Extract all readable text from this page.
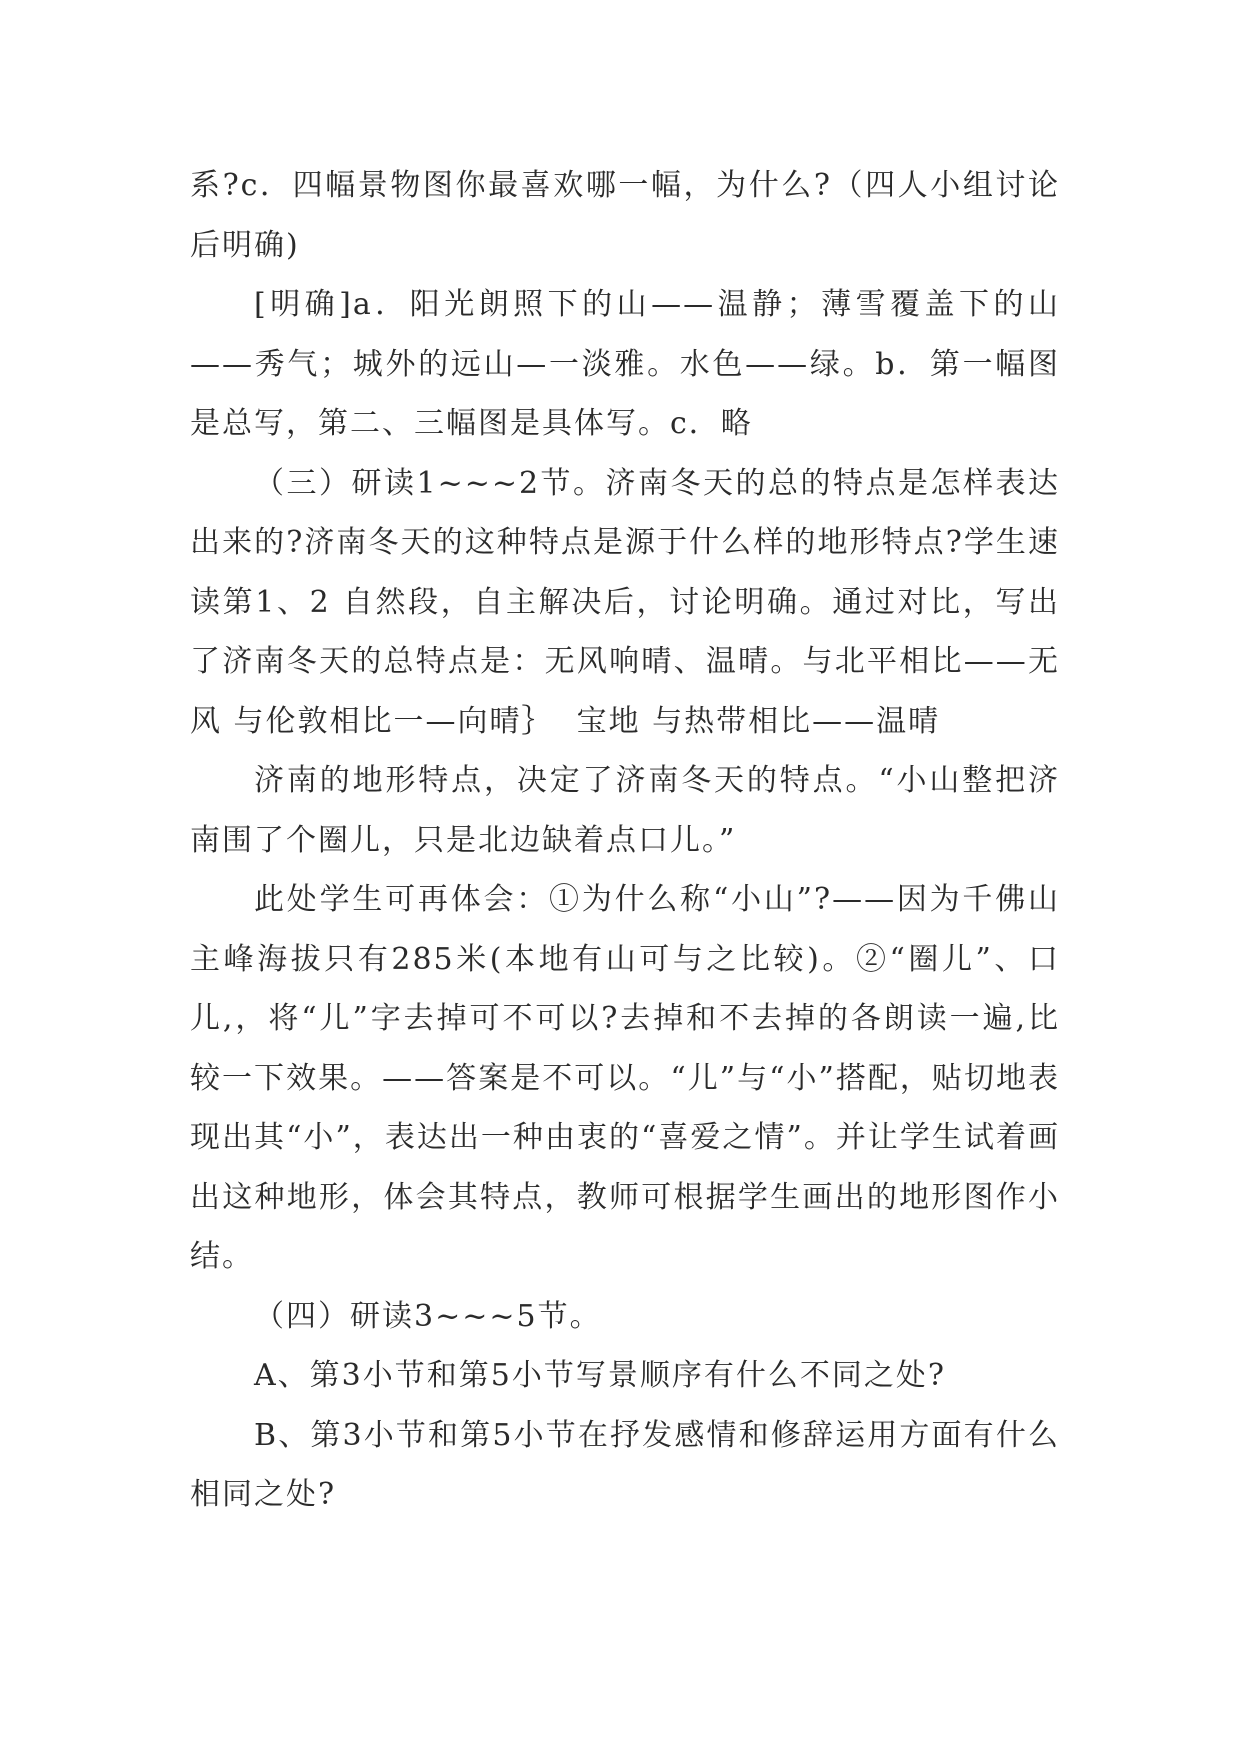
系?c．四幅景物图你最喜欢哪一幅，为什么?（四人小组讨论后明确)

[明确]a．阳光朗照下的山——温静；薄雪覆盖下的山——秀气；城外的远山—一淡雅。水色——绿。b．第一幅图是总写，第二、三幅图是具体写。c．略

（三）研读1~~~2节。济南冬天的总的特点是怎样表达出来的?济南冬天的这种特点是源于什么样的地形特点?学生速读第1、2 自然段，自主解决后，讨论明确。通过对比，写出了济南冬天的总特点是：无风响晴、温晴。与北平相比——无风 与伦敦相比一—向晴｝  宝地 与热带相比——温晴

济南的地形特点，决定了济南冬天的特点。“小山整把济南围了个圈儿，只是北边缺着点口儿。”

此处学生可再体会：①为什么称“小山”?——因为千佛山主峰海拔只有285米(本地有山可与之比较)。②“圈儿”、口儿,，将“儿”字去掉可不可以?去掉和不去掉的各朗读一遍,比较一下效果。——答案是不可以。“儿”与“小”搭配，贴切地表现出其“小”，表达出一种由衷的“喜爱之情”。并让学生试着画出这种地形，体会其特点，教师可根据学生画出的地形图作小结。

（四）研读3~~~5节。

A、第3小节和第5小节写景顺序有什么不同之处?

B、第3小节和第5小节在抒发感情和修辞运用方面有什么相同之处?
